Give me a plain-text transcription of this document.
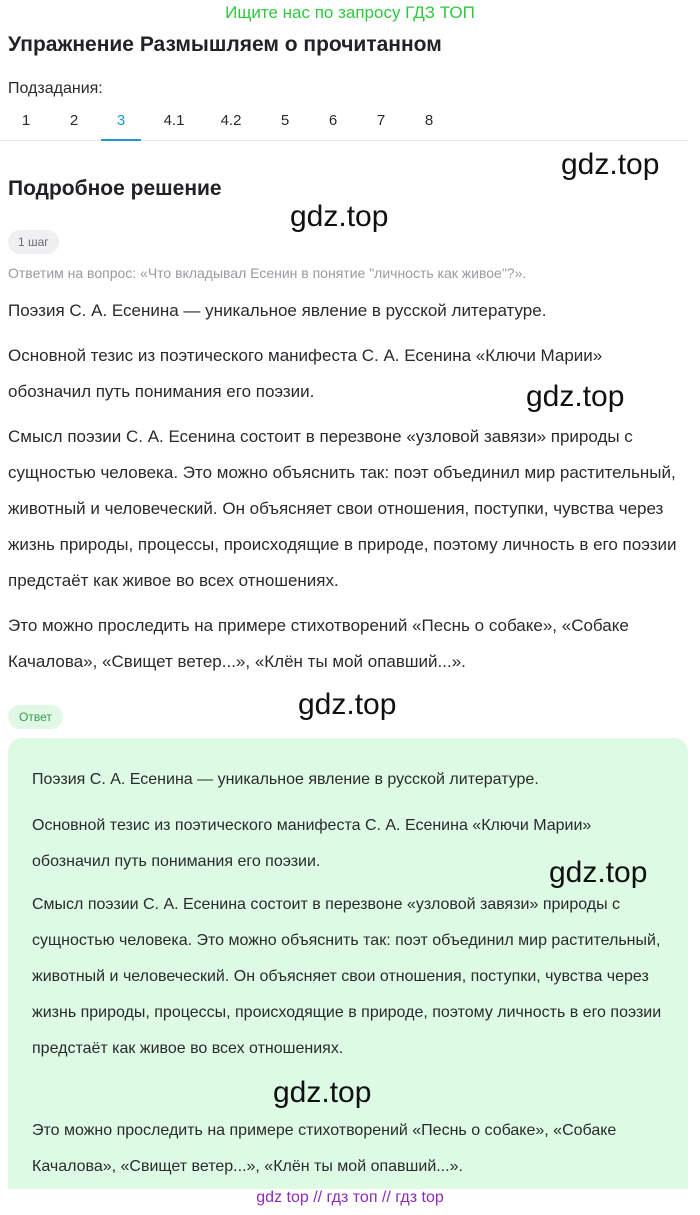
Ищите нас по запросу ГДЗ ТОП
Упражнение Размышляем о прочитанном
Подзадания:
1	2	3	4.1	4.2	5	6	7	8
Подробное решение
1 шаг
Ответим на вопрос: «Что вкладывал Есенин в понятие "личность как живое"?».

Поэзия С. А. Есенина — уникальное явление в русской литературе.

Основной тезис из поэтического манифеста С. А. Есенина «Ключи Марии» обозначил путь понимания его поэзии.

Смысл поэзии С. А. Есенина состоит в перезвоне «узловой завязи» природы с сущностью человека. Это можно объяснить так: поэт объединил мир растительный, животный и человеческий. Он объясняет свои отношения, поступки, чувства через жизнь природы, процессы, происходящие в природе, поэтому личность в его поэзии предстаёт как живое во всех отношениях.

Это можно проследить на примере стихотворений «Песнь о собаке», «Собаке Качалова», «Свищет ветер...», «Клён ты мой опавший...».

Ответ

Поэзия С. А. Есенина — уникальное явление в русской литературе.

Основной тезис из поэтического манифеста С. А. Есенина «Ключи Марии» обозначил путь понимания его поэзии.

Смысл поэзии С. А. Есенина состоит в перезвоне «узловой завязи» природы с сущностью человека. Это можно объяснить так: поэт объединил мир растительный, животный и человеческий. Он объясняет свои отношения, поступки, чувства через жизнь природы, процессы, происходящие в природе, поэтому личность в его поэзии предстаёт как живое во всех отношениях.

Это можно проследить на примере стихотворений «Песнь о собаке», «Собаке Качалова», «Свищет ветер...», «Клён ты мой опавший...».

gdz.top
gdz.top
gdz.top
gdz.top
gdz.top
gdz.top
gdz top // гдз топ // гдз top
